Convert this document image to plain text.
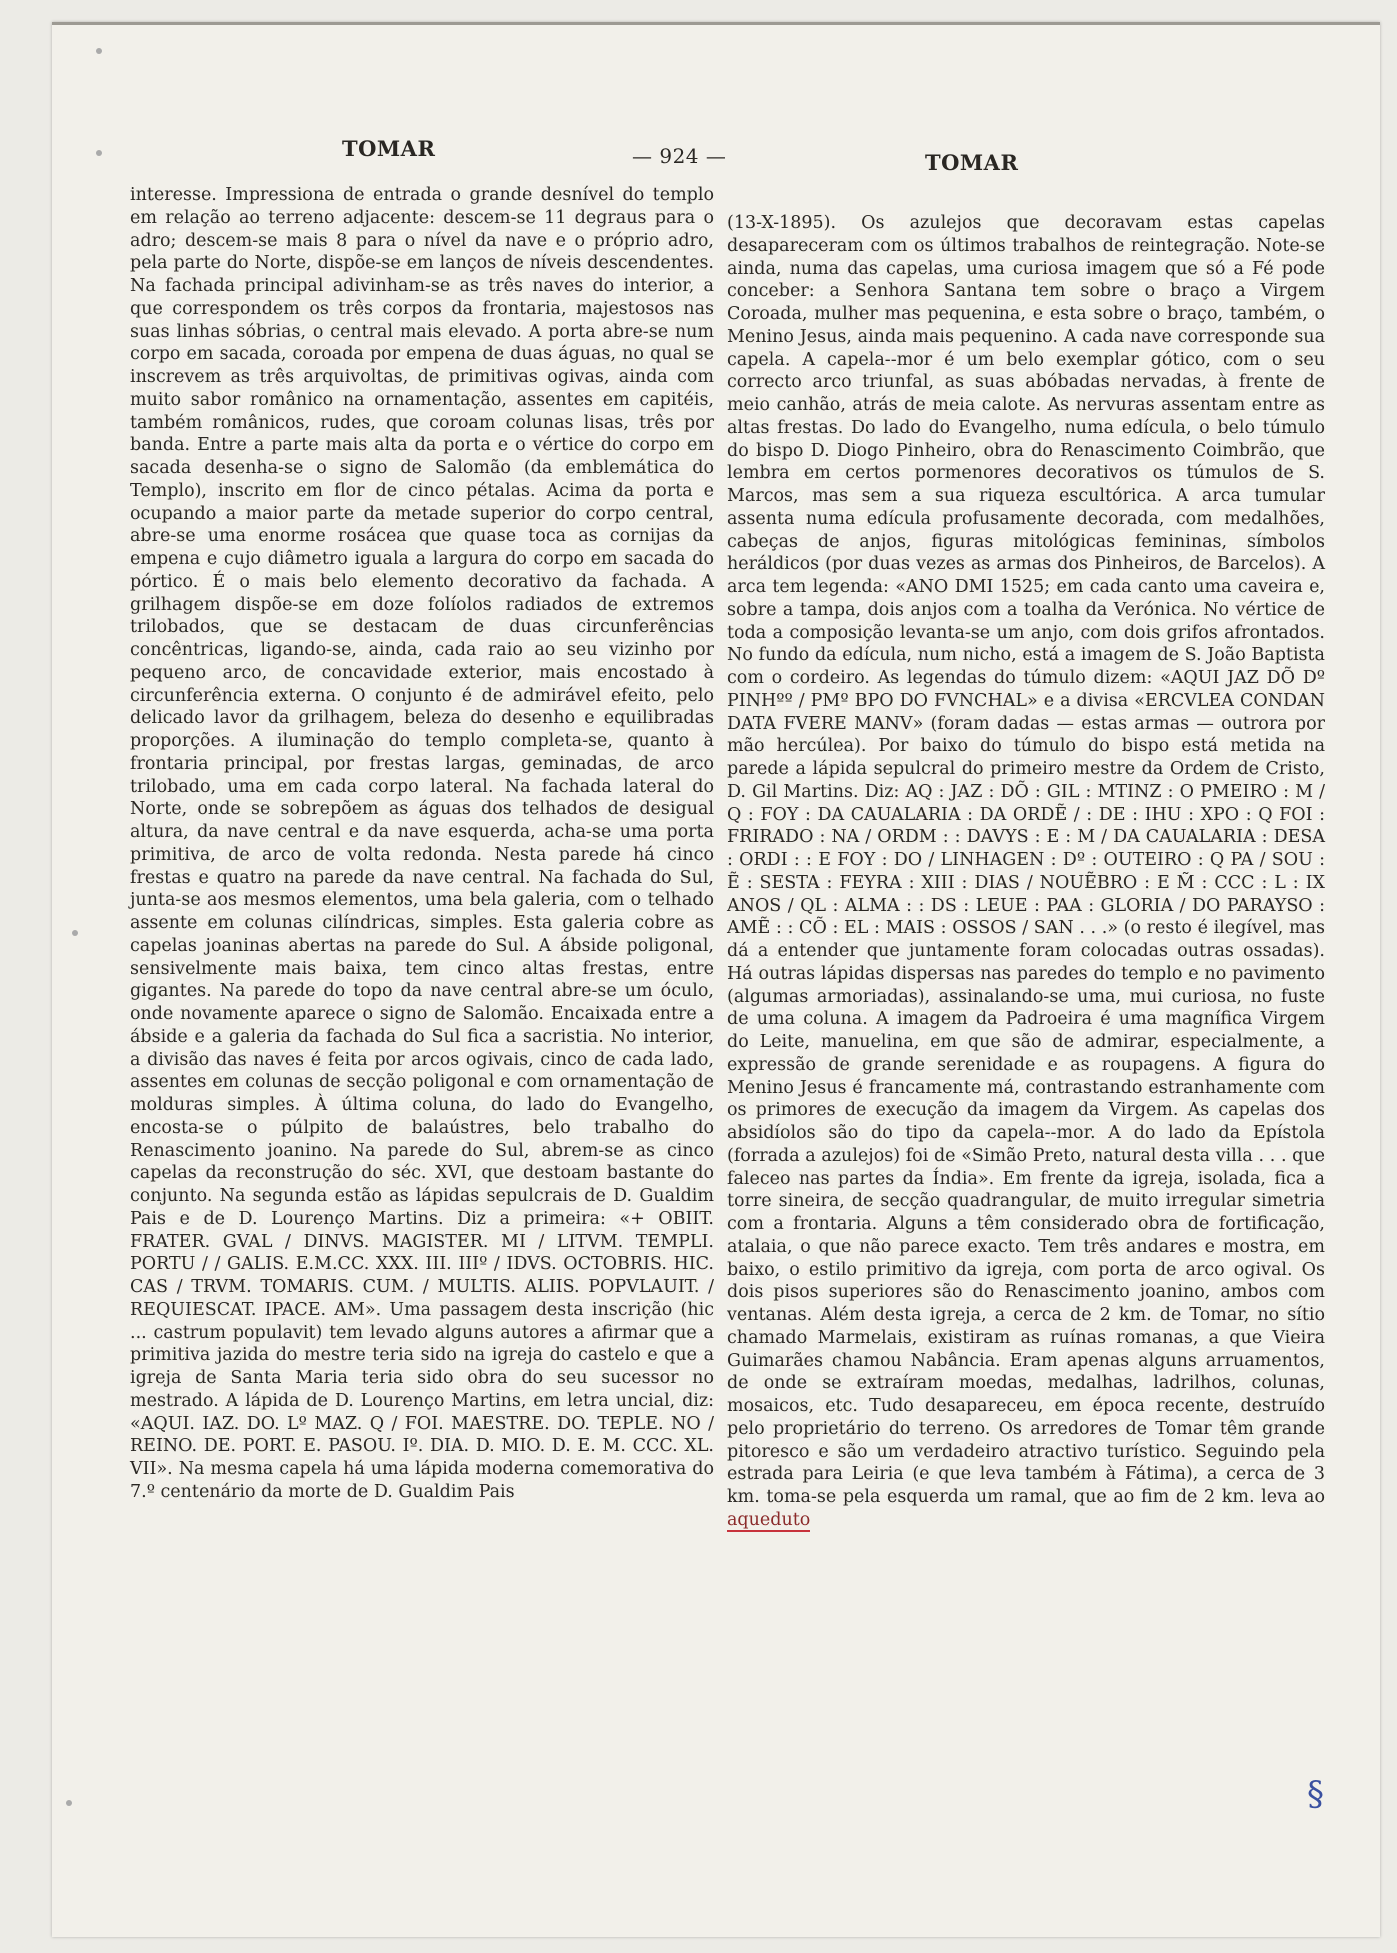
TOMAR	— 924 —	TOMAR

interesse. Impressiona de entrada o grande desnível do templo em relação ao terreno adjacente: descem-se 11 degraus para o adro; descem-se mais 8 para o nível da nave e o próprio adro, pela parte do Norte, dispõe-se em lanços de níveis descendentes. Na fachada principal adivinham-se as três naves do interior, a que correspondem os três corpos da frontaria, majestosos nas suas linhas sóbrias, o central mais elevado. A porta abre-se num corpo em sacada, coroada por empena de duas águas, no qual se inscrevem as três arquivoltas, de primitivas ogivas, ainda com muito sabor românico na ornamentação, assentes em capitéis, também românicos, rudes, que coroam colunas lisas, três por banda. Entre a parte mais alta da porta e o vértice do corpo em sacada desenha-se o signo de Salomão (da emblemática do Templo), inscrito em flor de cinco pétalas. Acima da porta e ocupando a maior parte da metade superior do corpo central, abre-se uma enorme rosácea que quase toca as cornijas da empena e cujo diâmetro iguala a largura do corpo em sacada do pórtico. É o mais belo elemento decorativo da fachada. A grilhagem dispõe-se em doze folíolos radiados de extremos trilobados, que se destacam de duas circunferências concêntricas, ligando-se, ainda, cada raio ao seu vizinho por pequeno arco, de concavidade exterior, mais encostado à circunferência externa. O conjunto é de admirável efeito, pelo delicado lavor da grilhagem, beleza do desenho e equilibradas proporções. A iluminação do templo completa-se, quanto à frontaria principal, por frestas largas, geminadas, de arco trilobado, uma em cada corpo lateral. Na fachada lateral do Norte, onde se sobrepõem as águas dos telhados de desigual altura, da nave central e da nave esquerda, acha-se uma porta primitiva, de arco de volta redonda. Nesta parede há cinco frestas e quatro na parede da nave central. Na fachada do Sul, junta-se aos mesmos elementos, uma bela galeria, com o telhado assente em colunas cilíndricas, simples. Esta galeria cobre as capelas joaninas abertas na parede do Sul. A ábside poligonal, sensivelmente mais baixa, tem cinco altas frestas, entre gigantes. Na parede do topo da nave central abre-se um óculo, onde novamente aparece o signo de Salomão. Encaixada entre a ábside e a galeria da fachada do Sul fica a sacristia. No interior, a divisão das naves é feita por arcos ogivais, cinco de cada lado, assentes em colunas de secção poligonal e com ornamentação de molduras simples. À última coluna, do lado do Evangelho, encosta-se o púlpito de balaústres, belo trabalho do Renascimento joanino. Na parede do Sul, abrem-se as cinco capelas da reconstrução do séc. XVI, que destoam bastante do conjunto. Na segunda estão as lápidas sepulcrais de D. Gualdim Pais e de D. Lourenço Martins. Diz a primeira: «+ OBIIT. FRATER. GVAL / DINVS. MAGISTER. MI / LITVM. TEMPLI. PORTU / / GALIS. E.M.CC. XXX. III. IIIº / IDVS. OCTOBRIS. HIC. CAS / TRVM. TOMARIS. CUM. / MULTIS. ALIIS. POPVLAUIT. / REQUIESCAT. IPACE. AM». Uma passagem desta inscrição (hic ... castrum populavit) tem levado alguns autores a afirmar que a primitiva jazida do mestre teria sido na igreja do castelo e que a igreja de Santa Maria teria sido obra do seu sucessor no mestrado. A lápida de D. Lourenço Martins, em letra uncial, diz: «AQUI. IAZ. DO. Lº MAZ. Q / FOI. MAESTRE. DO. TEPLE. NO / REINO. DE. PORT. E. PASOU. Iº. DIA. D. MIO. D. E. M. CCC. XL. VII». Na mesma capela há uma lápida moderna comemorativa do 7.º centenário da morte de D. Gualdim Pais

(13-X-1895). Os azulejos que decoravam estas capelas desapareceram com os últimos trabalhos de reintegração. Note-se ainda, numa das capelas, uma curiosa imagem que só a Fé pode conceber: a Senhora Santana tem sobre o braço a Virgem Coroada, mulher mas pequenina, e esta sobre o braço, também, o Menino Jesus, ainda mais pequenino. A cada nave corresponde sua capela. A capela--mor é um belo exemplar gótico, com o seu correcto arco triunfal, as suas abóbadas nervadas, à frente de meio canhão, atrás de meia calote. As nervuras assentam entre as altas frestas. Do lado do Evangelho, numa edícula, o belo túmulo do bispo D. Diogo Pinheiro, obra do Renascimento Coimbrão, que lembra em certos pormenores decorativos os túmulos de S. Marcos, mas sem a sua riqueza escultórica. A arca tumular assenta numa edícula profusamente decorada, com medalhões, cabeças de anjos, figuras mitológicas femininas, símbolos heráldicos (por duas vezes as armas dos Pinheiros, de Barcelos). A arca tem legenda: «ANO DMI 1525; em cada canto uma caveira e, sobre a tampa, dois anjos com a toalha da Verónica. No vértice de toda a composição levanta-se um anjo, com dois grifos afrontados. No fundo da edícula, num nicho, está a imagem de S. João Baptista com o cordeiro. As legendas do túmulo dizem: «AQUI JAZ DÕ Dº PINHºº / PMº BPO DO FVNCHAL» e a divisa «ERCVLEA CONDAN DATA FVERE MANV» (foram dadas — estas armas — outrora por mão hercúlea). Por baixo do túmulo do bispo está metida na parede a lápida sepulcral do primeiro mestre da Ordem de Cristo, D. Gil Martins. Diz: AQ : JAZ : DÕ : GIL : MTINZ : O PMEIRO : M / Q : FOY : DA CAUALARIA : DA ORDẼ / : DE : IHU : XPO : Q FOI : FRIRADO : NA / ORDM : : DAVYS : E : M / DA CAUALARIA : DESA : ORDI : : E FOY : DO / LINHAGEN : Dº : OUTEIRO : Q PA / SOU : Ẽ : SESTA : FEYRA : XIII : DIAS / NOUẼBRO : E M̃ : CCC : L : IX ANOS / QL : ALMA : : DS : LEUE : PAA : GLORIA / DO PARAYSO : AMẼ : : CÕ : EL : MAIS : OSSOS / SAN . . .» (o resto é ilegível, mas dá a entender que juntamente foram colocadas outras ossadas). Há outras lápidas dispersas nas paredes do templo e no pavimento (algumas armoriadas), assinalando-se uma, mui curiosa, no fuste de uma coluna. A imagem da Padroeira é uma magnífica Virgem do Leite, manuelina, em que são de admirar, especialmente, a expressão de grande serenidade e as roupagens. A figura do Menino Jesus é francamente má, contrastando estranhamente com os primores de execução da imagem da Virgem. As capelas dos absidíolos são do tipo da capela--mor. A do lado da Epístola (forrada a azulejos) foi de «Simão Preto, natural desta villa . . . que faleceo nas partes da Índia». Em frente da igreja, isolada, fica a torre sineira, de secção quadrangular, de muito irregular simetria com a frontaria. Alguns a têm considerado obra de fortificação, atalaia, o que não parece exacto. Tem três andares e mostra, em baixo, o estilo primitivo da igreja, com porta de arco ogival. Os dois pisos superiores são do Renascimento joanino, ambos com ventanas. Além desta igreja, a cerca de 2 km. de Tomar, no sítio chamado Marmelais, existiram as ruínas romanas, a que Vieira Guimarães chamou Nabância. Eram apenas alguns arruamentos, de onde se extraíram moedas, medalhas, ladrilhos, colunas, mosaicos, etc. Tudo desapareceu, em época recente, destruído pelo proprietário do terreno. Os arredores de Tomar têm grande pitoresco e são um verdadeiro atractivo turístico. Seguindo pela estrada para Leiria (e que leva também à Fátima), a cerca de 3 km. toma-se pela esquerda um ramal, que ao fim de 2 km. leva ao aqueduto

§
